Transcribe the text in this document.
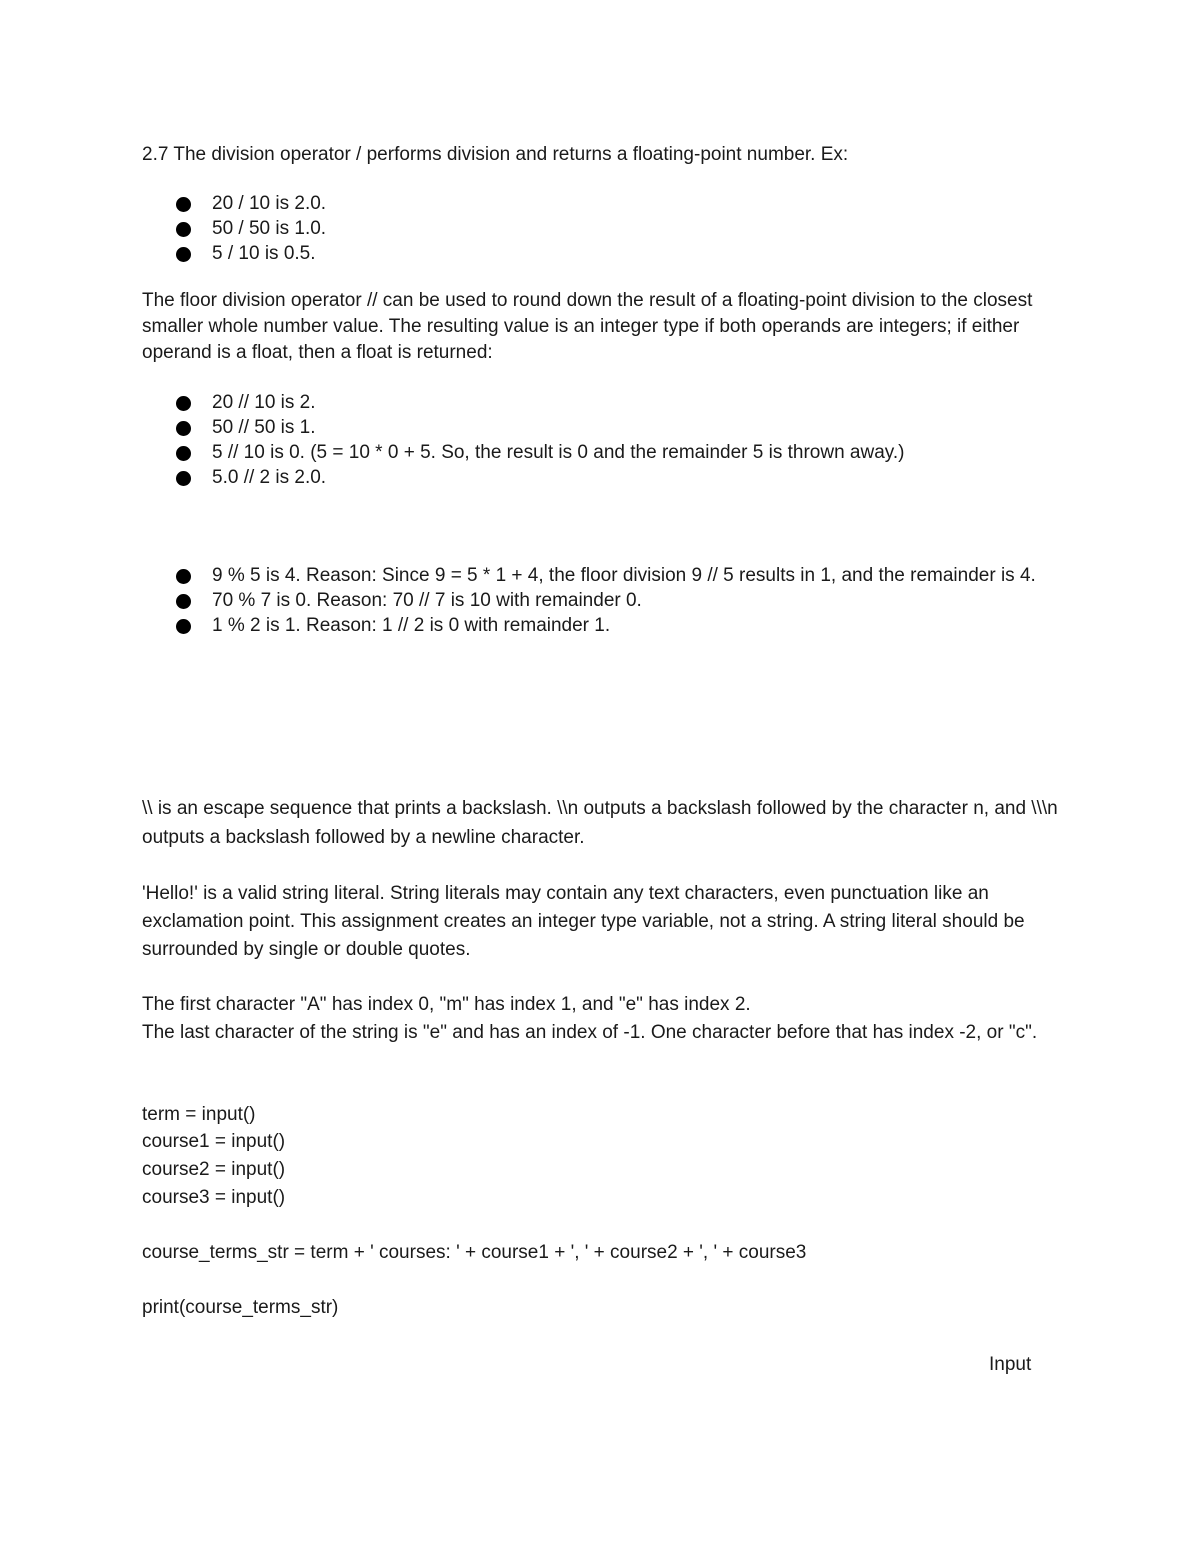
2.7 The division operator / performs division and returns a floating-point number. Ex:

20 / 10 is 2.0.
50 / 50 is 1.0.
5 / 10 is 0.5.

The floor division operator // can be used to round down the result of a floating-point division to the closest smaller whole number value. The resulting value is an integer type if both operands are integers; if either operand is a float, then a float is returned:

20 // 10 is 2.
50 // 50 is 1.
5 // 10 is 0. (5 = 10 * 0 + 5. So, the result is 0 and the remainder 5 is thrown away.)
5.0 // 2 is 2.0.
9 % 5 is 4. Reason: Since 9 = 5 * 1 + 4, the floor division 9 // 5 results in 1, and the remainder is 4.
70 % 7 is 0. Reason: 70 // 7 is 10 with remainder 0.
1 % 2 is 1. Reason: 1 // 2 is 0 with remainder 1.

\\ is an escape sequence that prints a backslash. \\n outputs a backslash followed by the character n, and \\\n outputs a backslash followed by a newline character.

'Hello!' is a valid string literal. String literals may contain any text characters, even punctuation like an exclamation point. This assignment creates an integer type variable, not a string. A string literal should be surrounded by single or double quotes.

The first character "A" has index 0, "m" has index 1, and "e" has index 2.

The last character of the string is "e" and has an index of -1. One character before that has index -2, or "c".

term = input()

course1 = input()

course2 = input()

course3 = input()

course_terms_str = term + ' courses: ' + course1 + ', ' + course2 + ', ' + course3

print(course_terms_str)

Input
